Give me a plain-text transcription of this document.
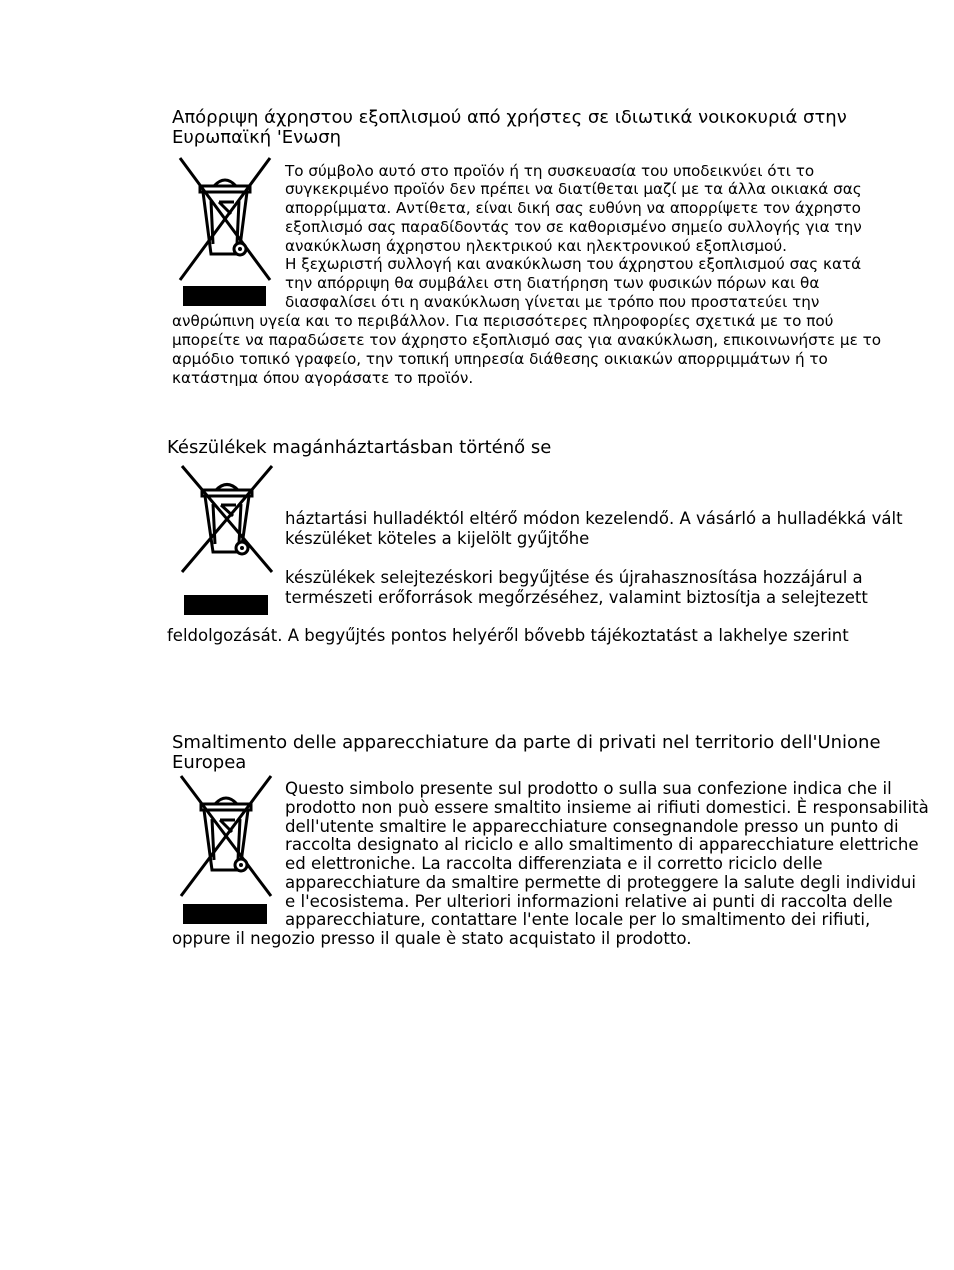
Απόρριψη άχρηστου εξοπλισμού από χρήστες σε ιδιωτικά νοικοκυριά στην
Ευρωπαϊκή 'Ενωση
Το σύμβολο αυτό στο προϊόν ή τη συσκευασία του υποδεικνύει ότι το
συγκεκριμένο προϊόν δεν πρέπει να διατίθεται μαζί με τα άλλα οικιακά σας
απορρίμματα. Αντίθετα, είναι δική σας ευθύνη να απορρίψετε τον άχρηστο
εξοπλισμό σας παραδίδοντάς τον σε καθορισμένο σημείο συλλογής για την
ανακύκλωση άχρηστου ηλεκτρικού και ηλεκτρονικού εξοπλισμού.
Η ξεχωριστή συλλογή και ανακύκλωση του άχρηστου εξοπλισμού σας κατά
την απόρριψη θα συμβάλει στη διατήρηση των φυσικών πόρων και θα
διασφαλίσει ότι η ανακύκλωση γίνεται με τρόπο που προστατεύει την
ανθρώπινη υγεία και το περιβάλλον. Για περισσότερες πληροφορίες σχετικά με το πού
μπορείτε να παραδώσετε τον άχρηστο εξοπλισμό σας για ανακύκλωση, επικοινωνήστε με το
αρμόδιο τοπικό γραφείο, την τοπική υπηρεσία διάθεσης οικιακών απορριμμάτων ή το
κατάστημα όπου αγοράσατε το προϊόν.
Készülékek magánháztartásban történő se
háztartási hulladéktól eltérő módon kezelendő. A vásárló a hulladékká vált
készüléket köteles a kijelölt gyűjtőhe
készülékek selejtezéskori begyűjtése és újrahasznosítása hozzájárul a
természeti erőforrások megőrzéséhez, valamint biztosítja a selejtezett
feldolgozását. A begyűjtés pontos helyéről bővebb tájékoztatást a lakhelye szerint
Smaltimento delle apparecchiature da parte di privati nel territorio dell'Unione
Europea
Questo simbolo presente sul prodotto o sulla sua confezione indica che il
prodotto non può essere smaltito insieme ai rifiuti domestici. È responsabilità
dell'utente smaltire le apparecchiature consegnandole presso un punto di
raccolta designato al riciclo e allo smaltimento di apparecchiature elettriche
ed elettroniche. La raccolta differenziata e il corretto riciclo delle
apparecchiature da smaltire permette di proteggere la salute degli individui
e l'ecosistema. Per ulteriori informazioni relative ai punti di raccolta delle
apparecchiature, contattare l'ente locale per lo smaltimento dei rifiuti,
oppure il negozio presso il quale è stato acquistato il prodotto.
